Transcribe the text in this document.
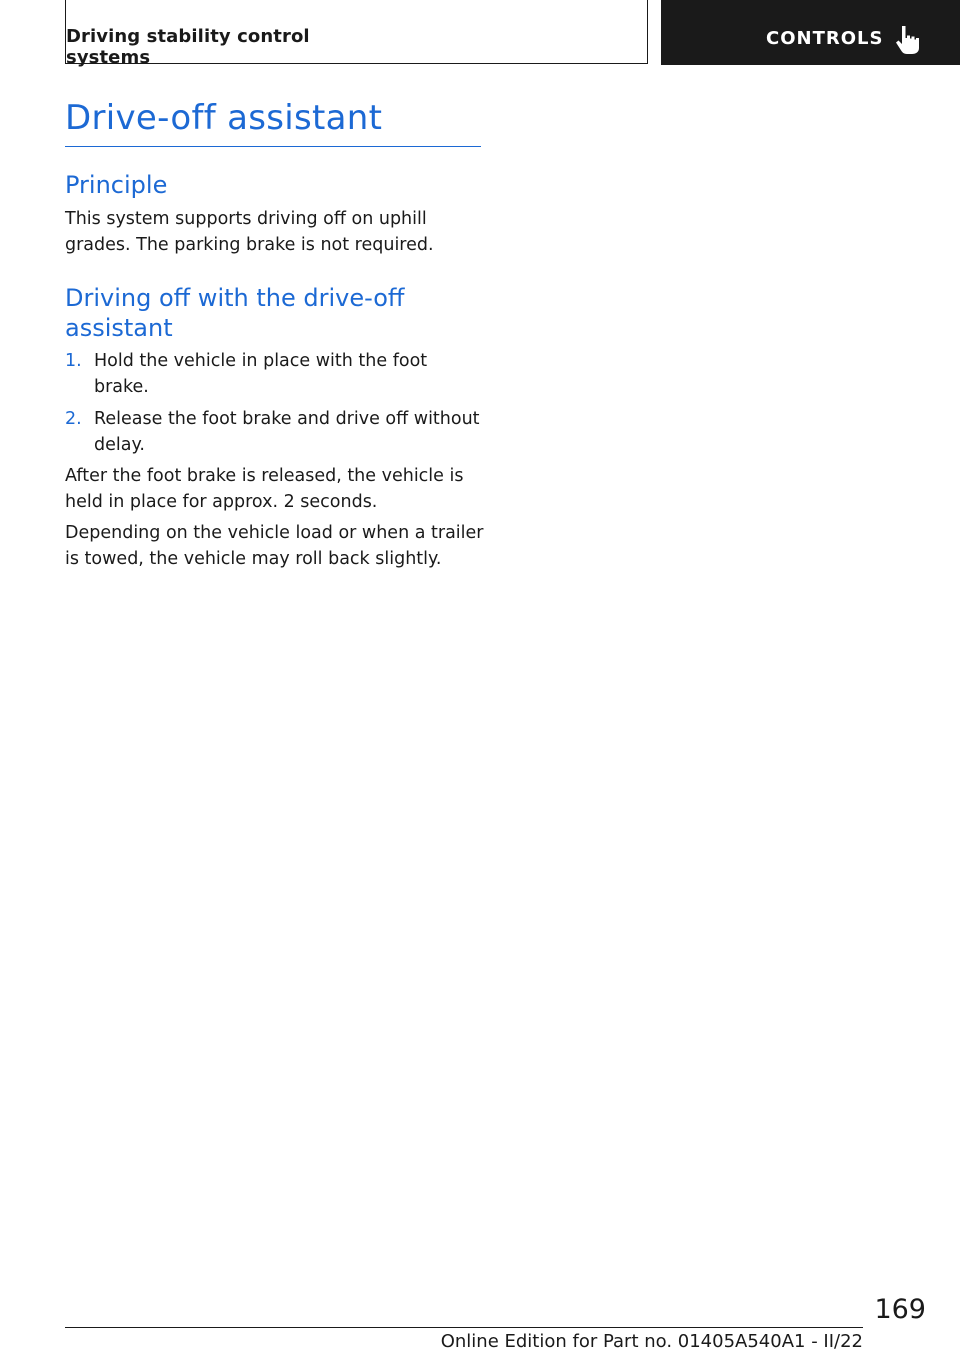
Driving stability control systems
CONTROLS
Drive-off assistant
Principle
This system supports driving off on uphill grades. The parking brake is not required.
Driving off with the drive-off assistant
1. Hold the vehicle in place with the foot brake.
2. Release the foot brake and drive off without delay.
After the foot brake is released, the vehicle is held in place for approx. 2 seconds.
Depending on the vehicle load or when a trailer is towed, the vehicle may roll back slightly.
169
Online Edition for Part no. 01405A540A1 - II/22
